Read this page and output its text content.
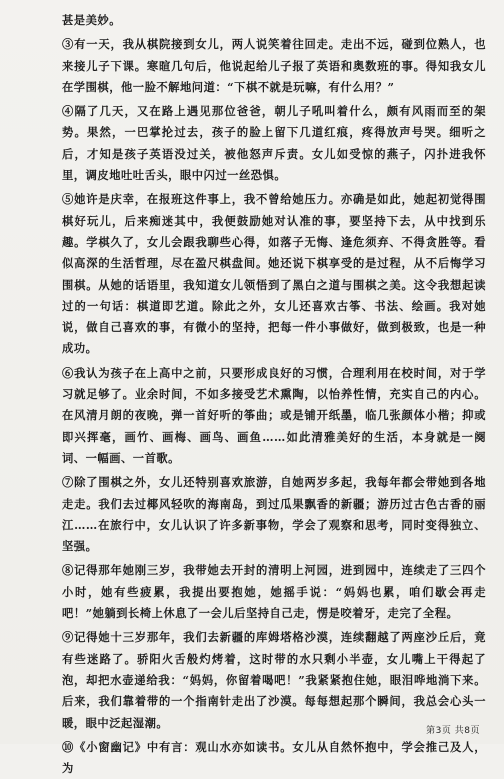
甚是美妙。

③有一天，我从棋院接到女儿，两人说笑着往回走。走出不远，碰到位熟人，也来接儿子下课。寒暄几句后，他说起给儿子报了英语和奥数班的事。得知我女儿在学围棋，他一脸不解地问道：“下棋不就是玩嘛，有什么用？”

④隔了几天，又在路上遇见那位爸爸，朝儿子吼叫着什么，颇有风雨而至的架势。果然，一巴掌抡过去，孩子的脸上留下几道红痕，疼得放声号哭。细听之后，才知是孩子英语没过关，被他怒声斥责。女儿如受惊的燕子，闪扑进我怀里，调皮地吐吐舌头，眼中闪过一丝恐惧。

⑤她许是庆幸，在报班这件事上，我不曾给她压力。亦确是如此，她起初觉得围棋好玩儿，后来痴迷其中，我便鼓励她对认准的事，要坚持下去，从中找到乐趣。学棋久了，女儿会跟我聊些心得，如落子无悔、逢危须弃、不得贪胜等。看似高深的生活哲理，尽在盈尺棋盘间。她还说下棋享受的是过程，从不后悔学习围棋。从她的话语里，我知道女儿领悟到了黑白之道与围棋之美。这令我想起读过的一句话：棋道即艺道。除此之外，女儿还喜欢古筝、书法、绘画。我对她说，做自己喜欢的事，有微小的坚持，把每一件小事做好，做到极致，也是一种成功。

⑥我认为孩子在上高中之前，只要形成良好的习惯，合理利用在校时间，对于学习就足够了。业余时间，不如多接受艺术熏陶，以怡养性情，充实自己的内心。在风清月朗的夜晚，弹一首好听的筝曲；或是铺开纸墨，临几张颜体小楷；抑或即兴挥毫，画竹、画梅、画鸟、画鱼……如此清雅美好的生活，本身就是一阕词、一幅画、一首歌。

⑦除了围棋之外，女儿还特别喜欢旅游，自她两岁多起，我每年都会带她到各地走走。我们去过椰风轻吹的海南岛，到过瓜果飘香的新疆；游历过古色古香的丽江……在旅行中，女儿认识了许多新事物，学会了观察和思考，同时变得独立、坚强。

⑧记得那年她刚三岁，我带她去开封的清明上河园，进到园中，连续走了三四个小时，她有些疲累，我提出要抱她，她摇手说：“妈妈也累，咱们歇会再走吧！”她躺到长椅上休息了一会儿后坚持自己走，愣是咬着牙，走完了全程。

⑨记得她十三岁那年，我们去新疆的库姆塔格沙漠，连续翻越了两座沙丘后，竟有些迷路了。骄阳火舌般灼烤着，这时带的水只剩小半壶，女儿嘴上干得起了泡，却把水壶递给我：“妈妈，你留着喝吧！”我紧紧抱住她，眼泪哗地淌下来。后来，我们靠着带的一个指南针走出了沙漠。每每想起那个瞬间，我总会心头一暖，眼中泛起湿潮。

⑩《小窗幽记》中有言：观山水亦如读书。女儿从自然怀抱中，学会推己及人，为

第3页 共8页
